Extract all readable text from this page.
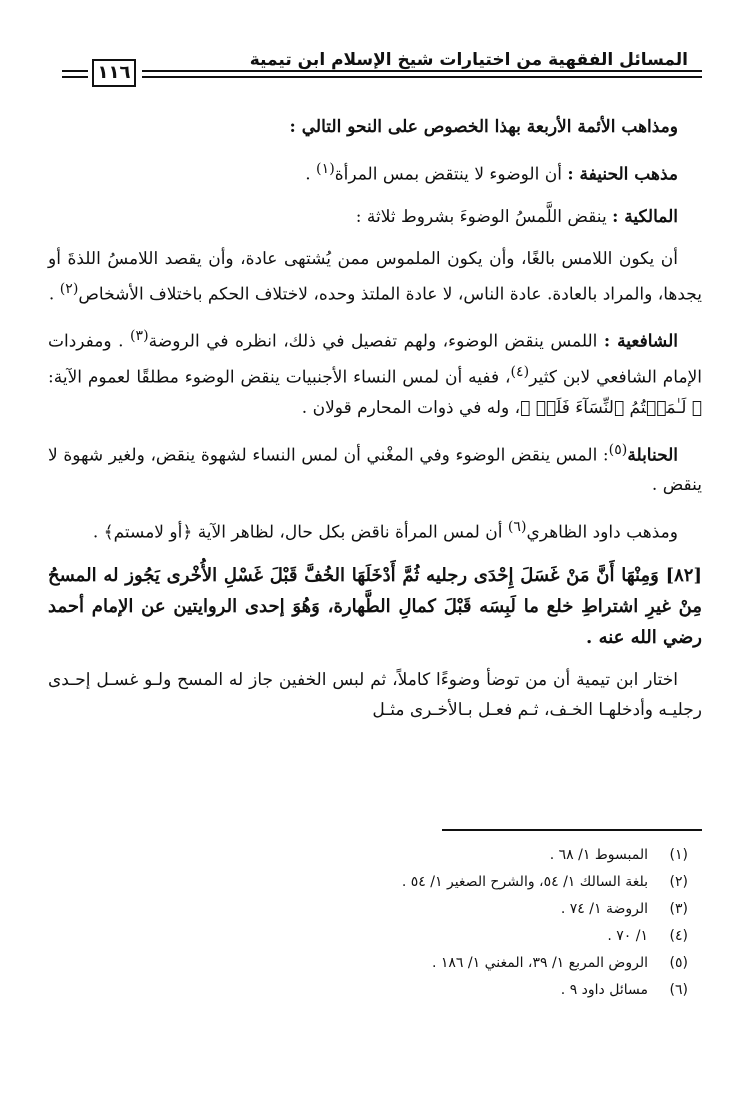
المسائل الفقهية من اختيارات شيخ الإسلام ابن تيمية
١١٦

ومذاهب الأئمة الأربعة بهذا الخصوص على النحو التالي :

مذهب الحنيفة : أن الوضوء لا ينتقض بمس المرأة$^{(١)}$ .

المالكية : ينقض اللَّمسُ الوضوءَ بشروط ثلاثة :

أن يكون اللامس بالغًا، وأن يكون الملموس ممن يُشتهى عادة، وأن يقصد اللامسُ اللذةَ أو يجدها، والمراد بالعادة. عادة الناس، لا عادة الملتذ وحده، لاختلاف الحكم باختلاف الأشخاص$^{(٢)}$ .

الشافعية : اللمس ينقض الوضوء، ولهم تفصيل في ذلك، انظره في الروضة$^{(٣)}$ . ومفردات الإمام الشافعي لابن كثير$^{(٤)}$، ففيه أن لمس النساء الأجنبيات ينقض الوضوء مطلقًا لعموم الآية: ﴿ لَـٰمَسۡتُمُ ٱلنِّسَآءَ فَلَمۡ ﴾، وله في ذوات المحارم قولان .

الحنابلة$^{(٥)}$: المس ينقض الوضوء وفي المغْني أن لمس النساء لشهوة ينقض، ولغير شهوة لا ينقض .

ومذهب داود الظاهري$^{(٦)}$ أن لمس المرأة ناقض بكل حال، لظاهر الآية ﴿أو لامستم﴾ .

[٨٢] وَمِنْهَا أَنَّ مَنْ غَسَلَ إِحْدَى رجليه ثُمَّ أَدْخَلَهَا الخُفَّ قَبْلَ غَسْلِ الأُخْرى يَجُوز له المسحُ مِنْ غيرِ اشتراطِ خلع ما لَبِسَه قَبْلَ كمالِ الطَّهارة، وَهُوَ إحدى الروايتين عن الإمام أحمد رضي الله عنه .

اختار ابن تيمية أن من توضأ وضوءًا كاملاً، ثم لبس الخفين جاز له المسح ولـو غسـل إحـدى رجليـه وأدخلهـا الخـف، ثـم فعـل بـالأخـرى مثـل

(١)المبسوط ١/ ٦٨ .
(٢)بلغة السالك ١/ ٥٤، والشرح الصغير ١/ ٥٤ .
(٣)الروضة ١/ ٧٤ .
(٤)١/ ٧٠ .
(٥)الروض المربع ١/ ٣٩، المغني ١/ ١٨٦ .
(٦)مسائل داود ٩ .
